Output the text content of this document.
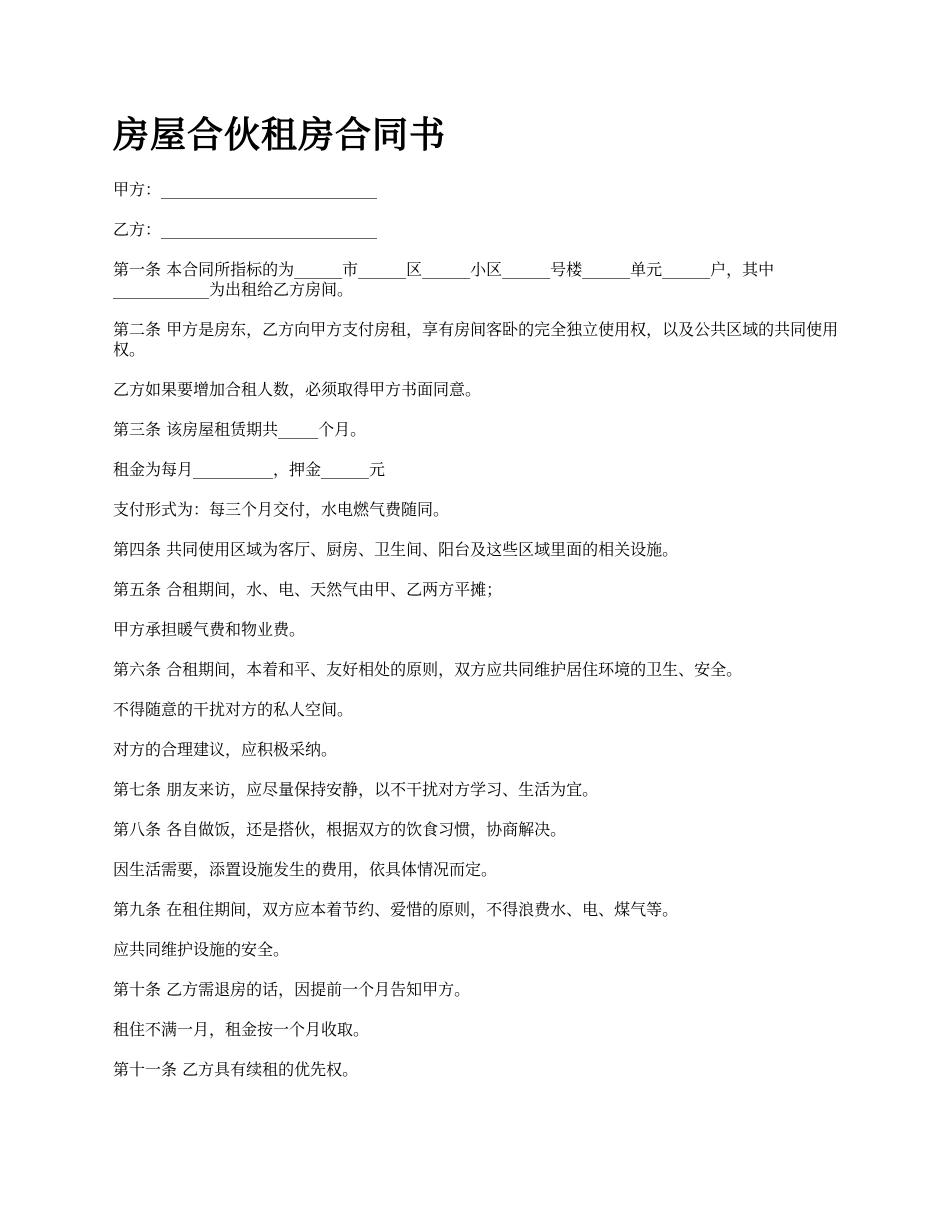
房屋合伙租房合同书

甲方：___________________________

乙方：___________________________

第一条 本合同所指标的为______市______区______小区______号楼______单元______户，其中____________为出租给乙方房间。

第二条 甲方是房东，乙方向甲方支付房租，享有房间客卧的完全独立使用权，以及公共区域的共同使用权。

乙方如果要增加合租人数，必须取得甲方书面同意。

第三条 该房屋租赁期共_____个月。

租金为每月__________，押金______元

支付形式为：每三个月交付，水电燃气费随同。

第四条 共同使用区域为客厅、厨房、卫生间、阳台及这些区域里面的相关设施。

第五条 合租期间，水、电、天然气由甲、乙两方平摊；

甲方承担暖气费和物业费。

第六条 合租期间，本着和平、友好相处的原则，双方应共同维护居住环境的卫生、安全。

不得随意的干扰对方的私人空间。

对方的合理建议，应积极采纳。

第七条 朋友来访，应尽量保持安静，以不干扰对方学习、生活为宜。

第八条 各自做饭，还是搭伙，根据双方的饮食习惯，协商解决。

因生活需要，添置设施发生的费用，依具体情况而定。

第九条 在租住期间，双方应本着节约、爱惜的原则，不得浪费水、电、煤气等。

应共同维护设施的安全。

第十条 乙方需退房的话，因提前一个月告知甲方。

租住不满一月，租金按一个月收取。

第十一条 乙方具有续租的优先权。
